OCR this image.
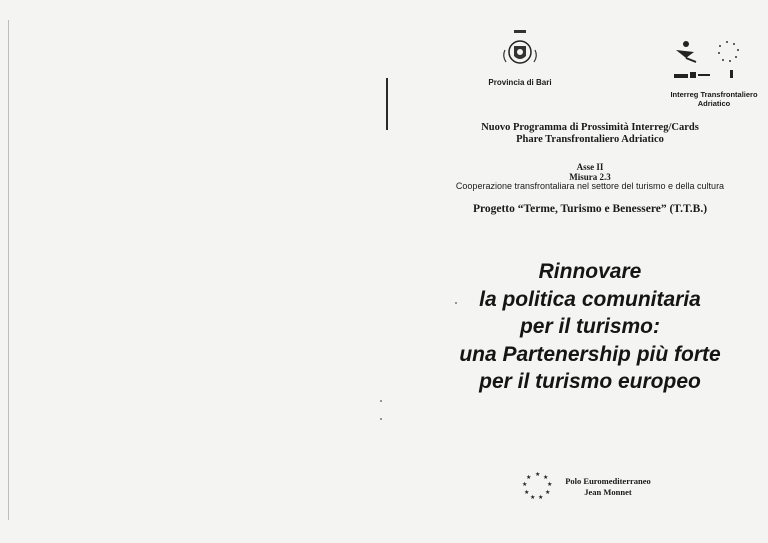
Provincia di Bari
Interreg Transfrontaliero
Adriatico
Nuovo Programma di Prossimità Interreg/Cards
Phare Transfrontaliero Adriatico
Asse II
Misura 2.3
Cooperazione transfrontaliara nel settore del turismo e della cultura
Progetto “Terme, Turismo e Benessere” (T.T.B.)
Rinnovare
la politica comunitaria
per il turismo:
una Partenership più forte
per il turismo europeo
★ ★
★
★
★
★
★
★
★	Polo Euromediterraneo
Jean Monnet
